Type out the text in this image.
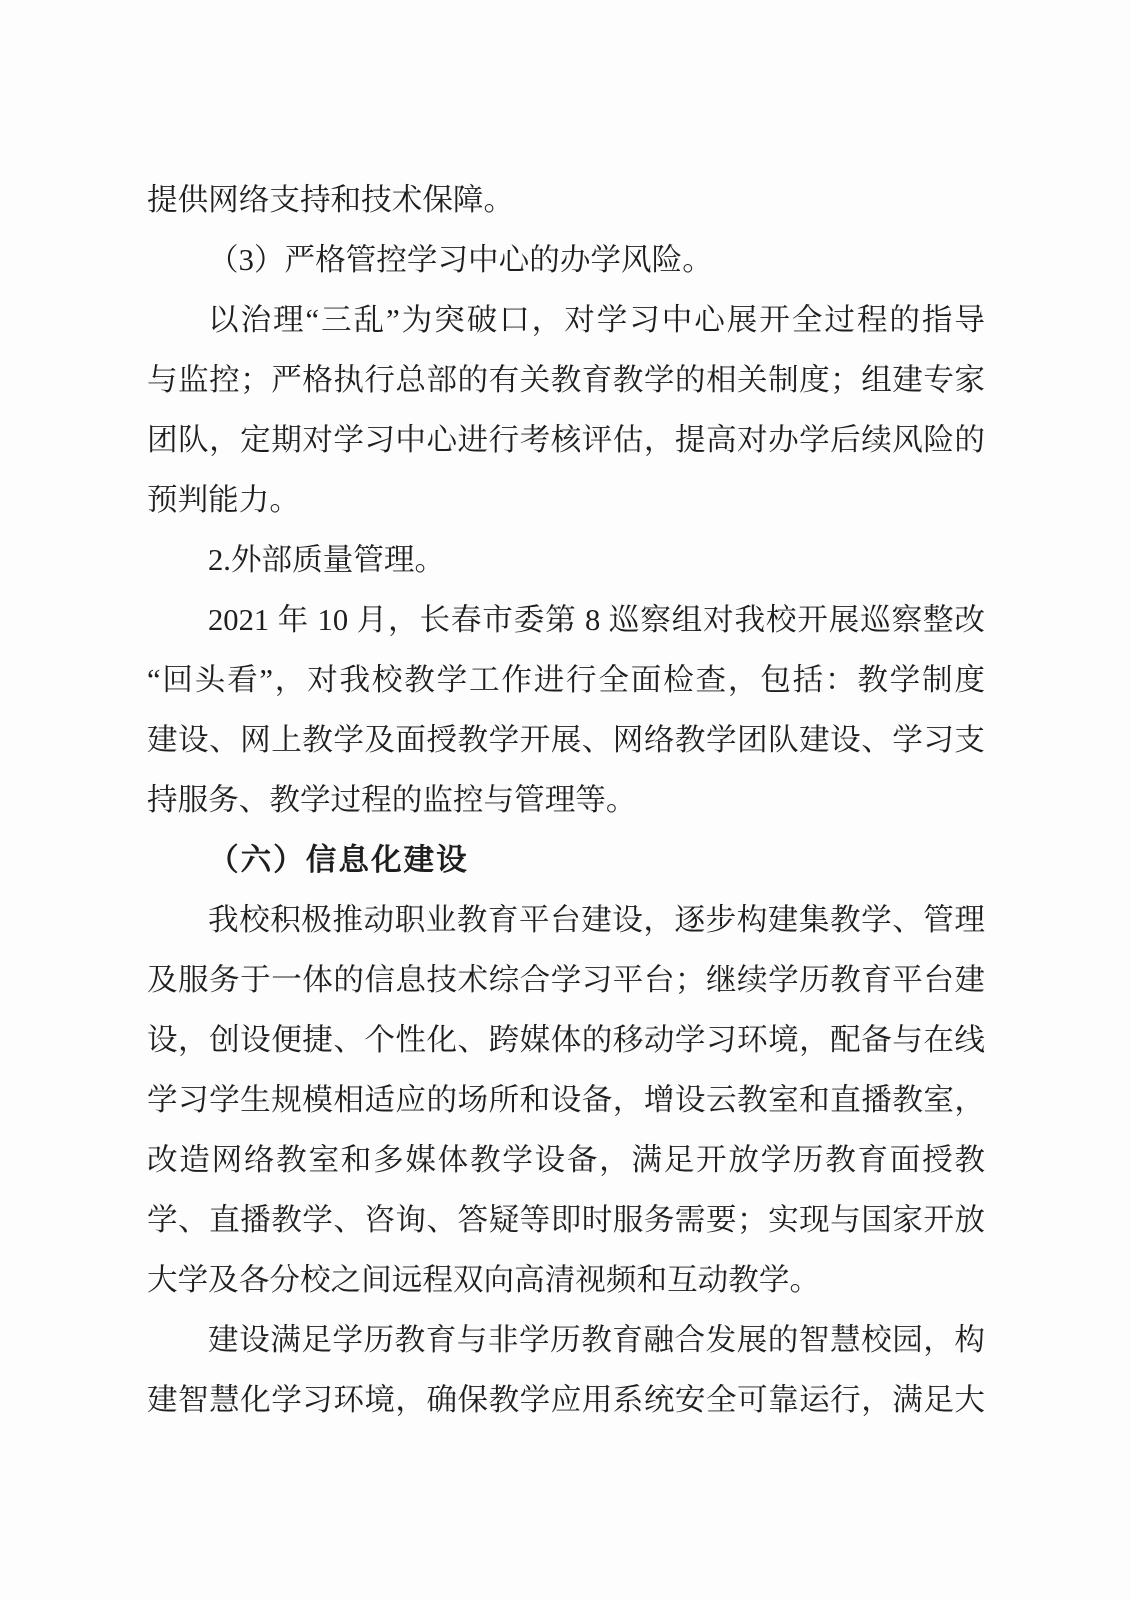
提供网络支持和技术保障。
（3）严格管控学习中心的办学风险。
以治理“三乱”为突破口，对学习中心展开全过程的指导
与监控；严格执行总部的有关教育教学的相关制度；组建专家
团队，定期对学习中心进行考核评估，提高对办学后续风险的
预判能力。
2.外部质量管理。
2021 年 10 月，长春市委第 8 巡察组对我校开展巡察整改
“回头看”，对我校教学工作进行全面检查，包括：教学制度
建设、网上教学及面授教学开展、网络教学团队建设、学习支
持服务、教学过程的监控与管理等。
（六）信息化建设
我校积极推动职业教育平台建设，逐步构建集教学、管理
及服务于一体的信息技术综合学习平台；继续学历教育平台建
设，创设便捷、个性化、跨媒体的移动学习环境，配备与在线
学习学生规模相适应的场所和设备，增设云教室和直播教室，
改造网络教室和多媒体教学设备，满足开放学历教育面授教
学、直播教学、咨询、答疑等即时服务需要；实现与国家开放
大学及各分校之间远程双向高清视频和互动教学。
建设满足学历教育与非学历教育融合发展的智慧校园，构
建智慧化学习环境，确保教学应用系统安全可靠运行，满足大
